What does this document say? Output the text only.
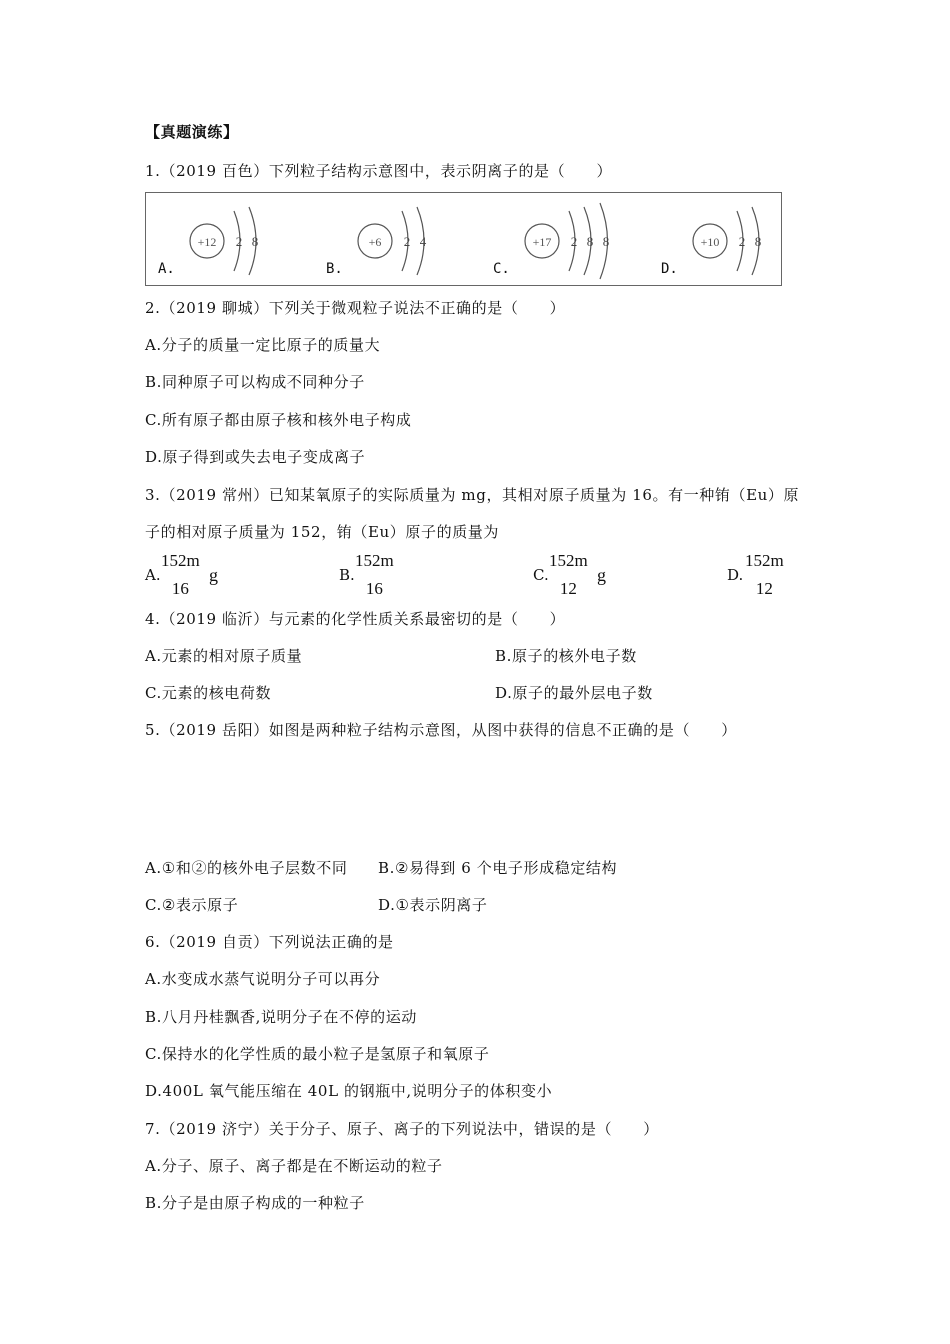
【真题演练】
1.（2019 百色）下列粒子结构示意图中，表示阴离子的是（　　）
+12 2 8
A.
+6 2 4
B.
+17 2 8 8
C.
+10 2 8
D.
2.（2019 聊城）下列关于微观粒子说法不正确的是（　　）
A.分子的质量一定比原子的质量大
B.同种原子可以构成不同种分子
C.所有原子都由原子核和核外电子构成
D.原子得到或失去电子变成离子
3.（2019 常州）已知某氧原子的实际质量为 mg，其相对原子质量为 16。有一种铕（Eu）原
子的相对原子质量为 152，铕（Eu）原子的质量为
A.
152m
16
g	B.
152m
16
C.
152m
12
g	D.
152m
12
4.（2019 临沂）与元素的化学性质关系最密切的是（　　）
A.元素的相对原子质量	B.原子的核外电子数
C.元素的核电荷数	D.原子的最外层电子数
5.（2019 岳阳）如图是两种粒子结构示意图，从图中获得的信息不正确的是（　　）
A.①和②的核外电子层数不同 B.②易得到 6 个电子形成稳定结构
C.②表示原子	D.①表示阴离子
6.（2019 自贡）下列说法正确的是
A.水变成水蒸气说明分子可以再分
B.八月丹桂飘香,说明分子在不停的运动
C.保持水的化学性质的最小粒子是氢原子和氧原子
D.400L 氧气能压缩在 40L 的钢瓶中,说明分子的体积变小
7.（2019 济宁）关于分子、原子、离子的下列说法中，错误的是（　　）
A.分子、原子、离子都是在不断运动的粒子
B.分子是由原子构成的一种粒子
